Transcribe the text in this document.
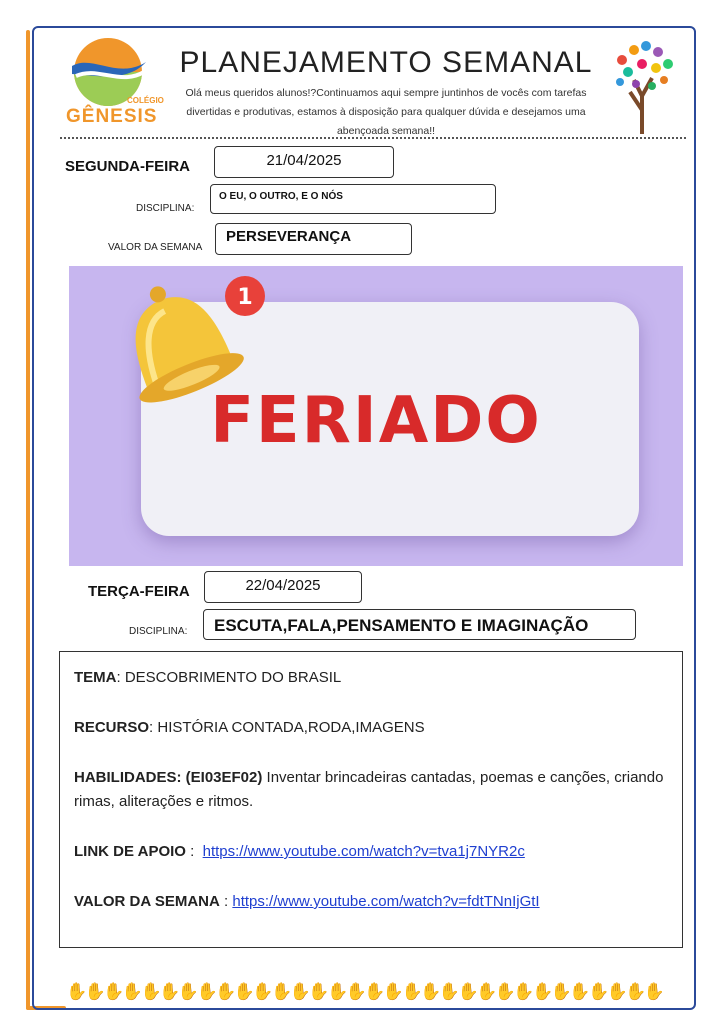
COLÉGIO
GÊNESIS
PLANEJAMENTO SEMANAL
Olá meus queridos alunos!?Continuamos aqui sempre juntinhos de vocês com tarefas divertidas e produtivas, estamos à disposição para qualquer dúvida e desejamos uma abençoada semana!!
SEGUNDA-FEIRA	21/04/2025
DISCIPLINA:
O EU, O OUTRO, E O NÓS
VALOR DA SEMANA
PERSEVERANÇA
1
FERIADO
TERÇA-FEIRA	22/04/2025
DISCIPLINA:	ESCUTA,FALA,PENSAMENTO E IMAGINAÇÃO
TEMA: DESCOBRIMENTO DO BRASIL
RECURSO: HISTÓRIA CONTADA,RODA,IMAGENS
HABILIDADES: (EI03EF02) Inventar brincadeiras cantadas, poemas e canções, criando rimas, aliterações e ritmos.
LINK DE APOIO :  https://www.youtube.com/watch?v=tva1j7NYR2c
VALOR DA SEMANA : https://www.youtube.com/watch?v=fdtTNnIjGtI
✋
✋
✋
✋
✋
✋
✋
✋
✋
✋
✋
✋
✋
✋
✋
✋
✋
✋
✋
✋
✋
✋
✋
✋
✋
✋
✋
✋
✋
✋
✋
✋
